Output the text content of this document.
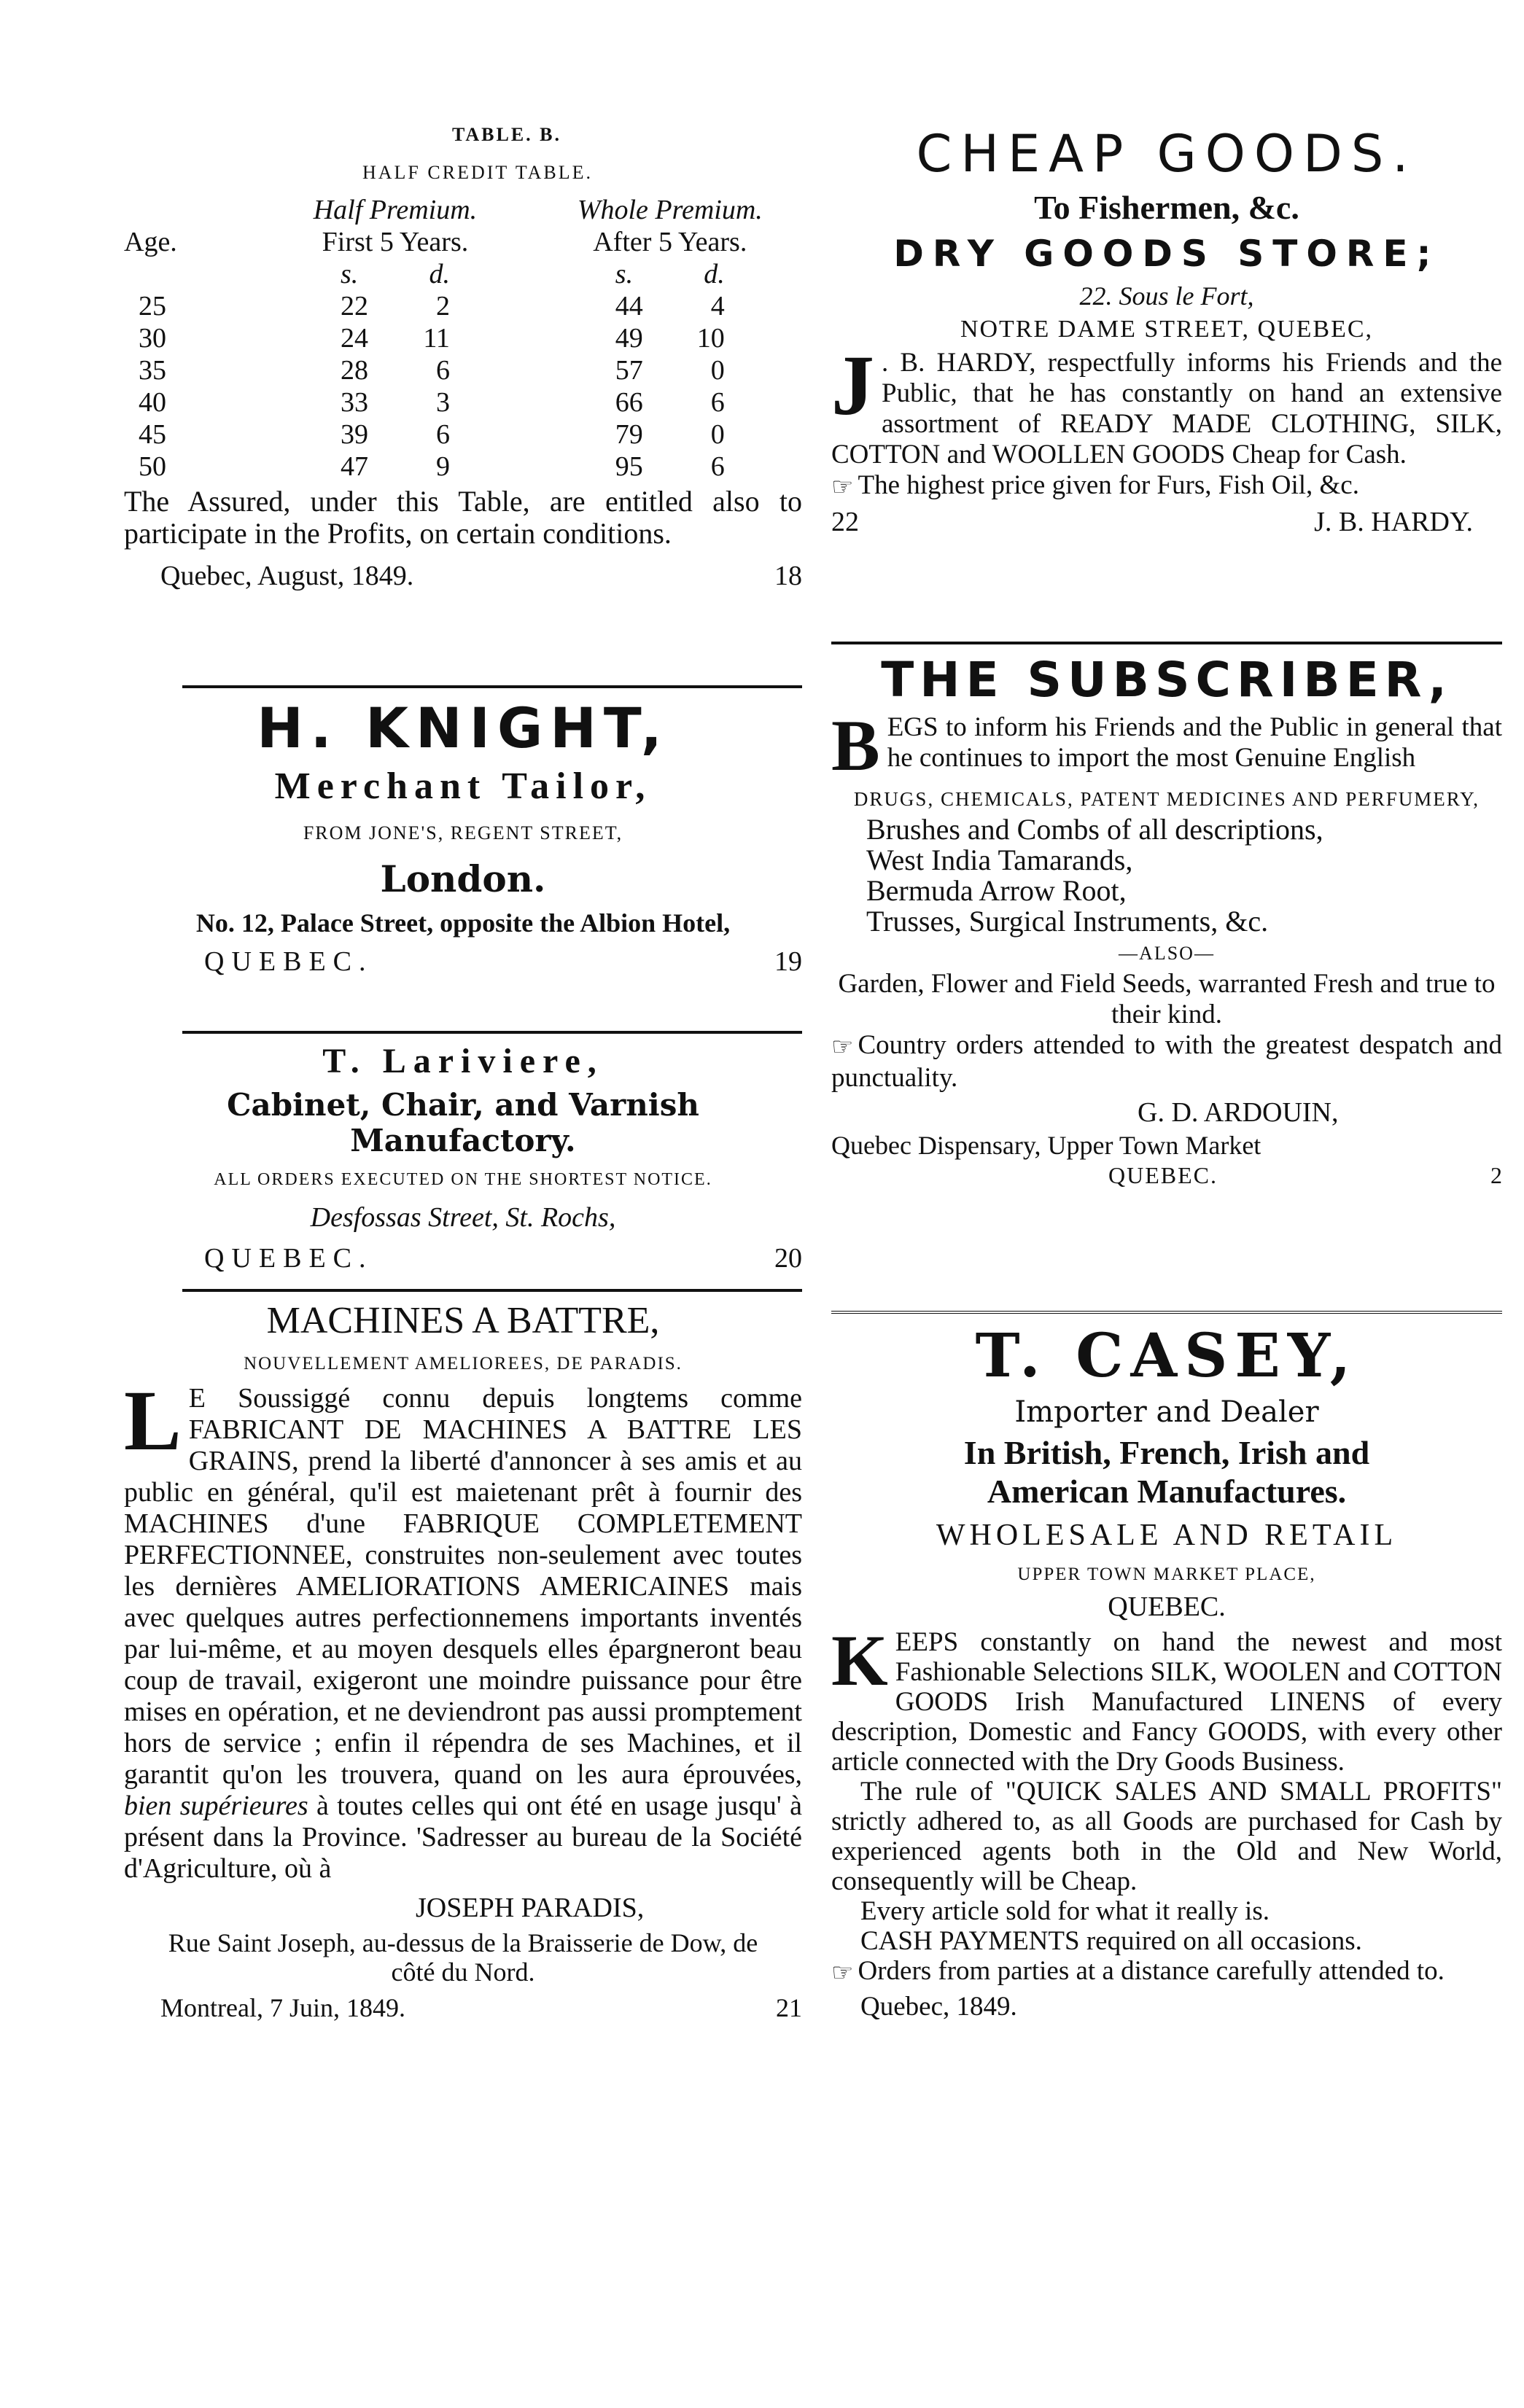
TABLE. B.
HALF CREDIT TABLE.
	Half Premium.	Whole Premium.
Age.	First 5 Years.	After 5 Years.

	s. d.	s. d.

25	22 2	44 4

30	24 11	49 10

35	28 6	57 0

40	33 3	66 6

45	39 6	79 0

50	47 9	95 6

The Assured, under this Table, are entitled also to participate in the Profits, on certain conditions.

Quebec, August, 1849.	18
H. KNIGHT,
Merchant Tailor,
FROM JONE'S, REGENT STREET,
London.
No. 12, Palace Street, opposite the Albion Hotel,
QUEBEC.	19
T. Lariviere,
Cabinet, Chair, and Varnish Manufactory.
ALL ORDERS EXECUTED ON THE SHORTEST NOTICE.
Desfossas Street, St. Rochs,
QUEBEC.	20
MACHINES A BATTRE,
NOUVELLEMENT AMELIOREES, DE PARADIS.
L E Soussiggé connu depuis longtems comme FABRICANT DE MACHINES A BATTRE LES GRAINS, prend la liberté d'annoncer à ses amis et au public en général, qu'il est maietenant prêt à fournir des MACHINES d'une FABRIQUE COMPLETEMENT PERFECTIONNEE, construites non-seulement avec toutes les dernières AMELIORATIONS AMERICAINES mais avec quelques autres perfectionnemens importants inventés par lui-même, et au moyen desquels elles épargneront beau coup de travail, exigeront une moindre puissance pour être mises en opération, et ne deviendront pas aussi promptement hors de service ; enfin il répendra de ses Machines, et il garantit qu'on les trouvera, quand on les aura éprouvées, bien supérieures à toutes celles qui ont été en usage jusqu' à présent dans la Province. 'Sadresser au bureau de la Société d'Agriculture, où à
JOSEPH PARADIS,
Rue Saint Joseph, au-dessus de la Braisserie de Dow, de côté du Nord.
Montreal, 7 Juin, 1849.	21
CHEAP GOODS.
To Fishermen, &c.
DRY GOODS STORE;
22. Sous le Fort,
NOTRE DAME STREET, QUEBEC,
J . B. HARDY, respectfully informs his Friends and the Public, that he has constantly on hand an extensive assortment of READY MADE CLOTHING, SILK, COTTON and WOOLLEN GOODS Cheap for Cash.
☞ The highest price given for Furs, Fish Oil, &c.
22	J. B. HARDY.
THE SUBSCRIBER,
BEGS to inform his Friends and the Public in general that he continues to import the most Genuine English
DRUGS, CHEMICALS, PATENT MEDICINES AND PERFUMERY,
Brushes and Combs of all descriptions,
West India Tamarands,
Bermuda Arrow Root,
Trusses, Surgical Instruments, &c.
—ALSO—
Garden, Flower and Field Seeds, warranted Fresh and true to their kind.
☞ Country orders attended to with the greatest despatch and punctuality.
G. D. ARDOUIN,
Quebec Dispensary, Upper Town Market
QUEBEC.	2
T. CASEY,
Importer and Dealer
In British, French, Irish and
American Manufactures.
WHOLESALE AND RETAIL
UPPER TOWN MARKET PLACE,
QUEBEC.
KEEPS constantly on hand the newest and most Fashionable Selections SILK, WOOLEN and COTTON GOODS Irish Manufactured LINENS of every description, Domestic and Fancy GOODS, with every other article connected with the Dry Goods Business.
The rule of "QUICK SALES AND SMALL PROFITS" strictly adhered to, as all Goods are purchased for Cash by experienced agents both in the Old and New World, consequently will be Cheap.
Every article sold for what it really is.
CASH PAYMENTS required on all occasions.
☞ Orders from parties at a distance carefully attended to.
Quebec, 1849.
